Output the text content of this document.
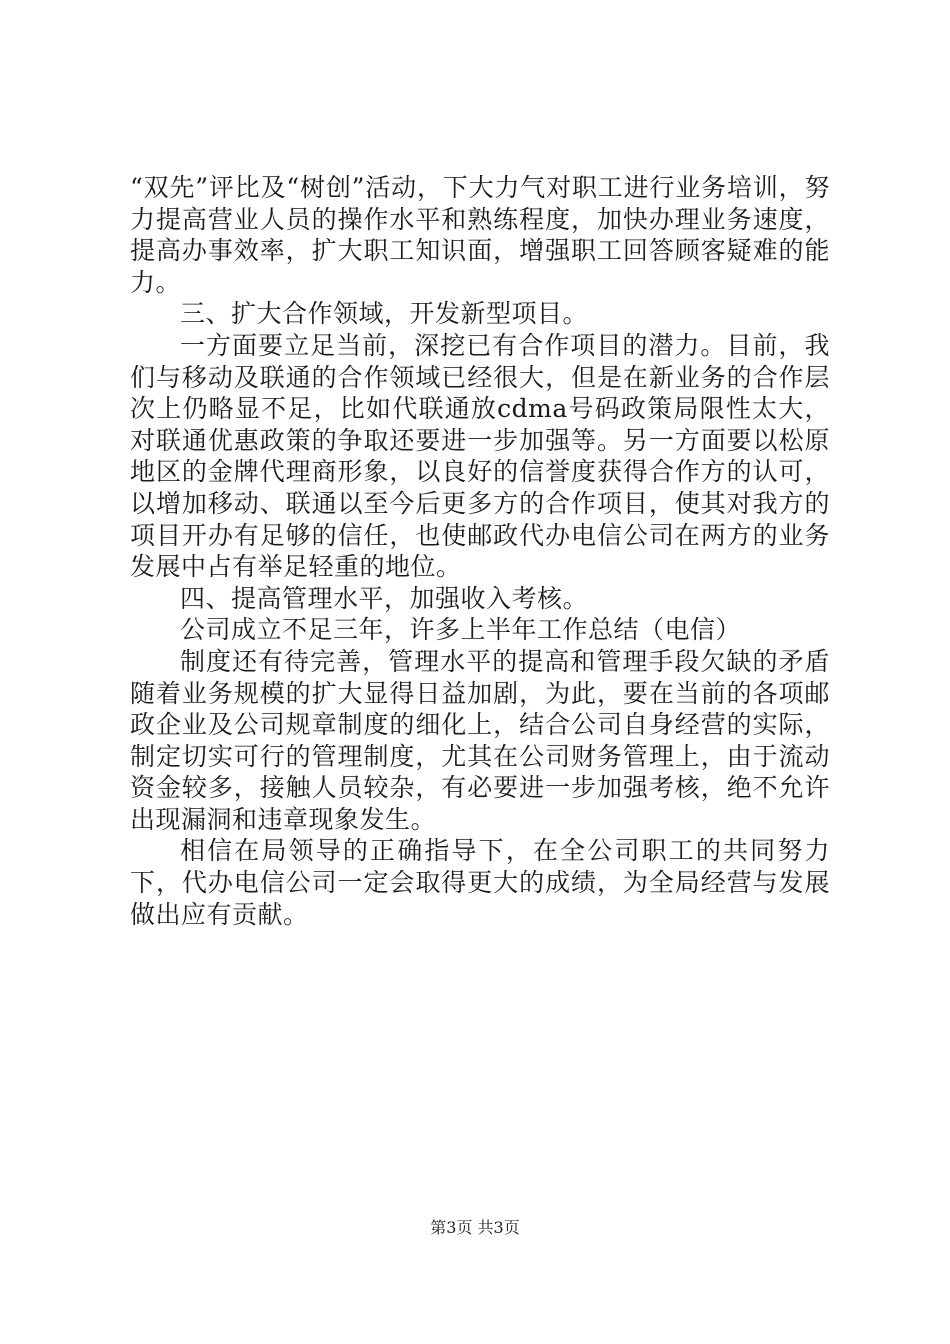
“双先”评比及“树创”活动，下大力气对职工进行业务培训，努力提高营业人员的操作水平和熟练程度，加快办理业务速度，提高办事效率，扩大职工知识面，增强职工回答顾客疑难的能力。

三、扩大合作领域，开发新型项目。

一方面要立足当前，深挖已有合作项目的潜力。目前，我们与移动及联通的合作领域已经很大，但是在新业务的合作层次上仍略显不足，比如代联通放cdma号码政策局限性太大，对联通优惠政策的争取还要进一步加强等。另一方面要以松原地区的金牌代理商形象，以良好的信誉度获得合作方的认可，以增加移动、联通以至今后更多方的合作项目，使其对我方的项目开办有足够的信任，也使邮政代办电信公司在两方的业务发展中占有举足轻重的地位。

四、提高管理水平，加强收入考核。

公司成立不足三年，许多上半年工作总结（电信）

制度还有待完善，管理水平的提高和管理手段欠缺的矛盾随着业务规模的扩大显得日益加剧，为此，要在当前的各项邮政企业及公司规章制度的细化上，结合公司自身经营的实际，制定切实可行的管理制度，尤其在公司财务管理上，由于流动资金较多，接触人员较杂，有必要进一步加强考核，绝不允许出现漏洞和违章现象发生。

相信在局领导的正确指导下，在全公司职工的共同努力下，代办电信公司一定会取得更大的成绩，为全局经营与发展做出应有贡献。

第3页 共3页
